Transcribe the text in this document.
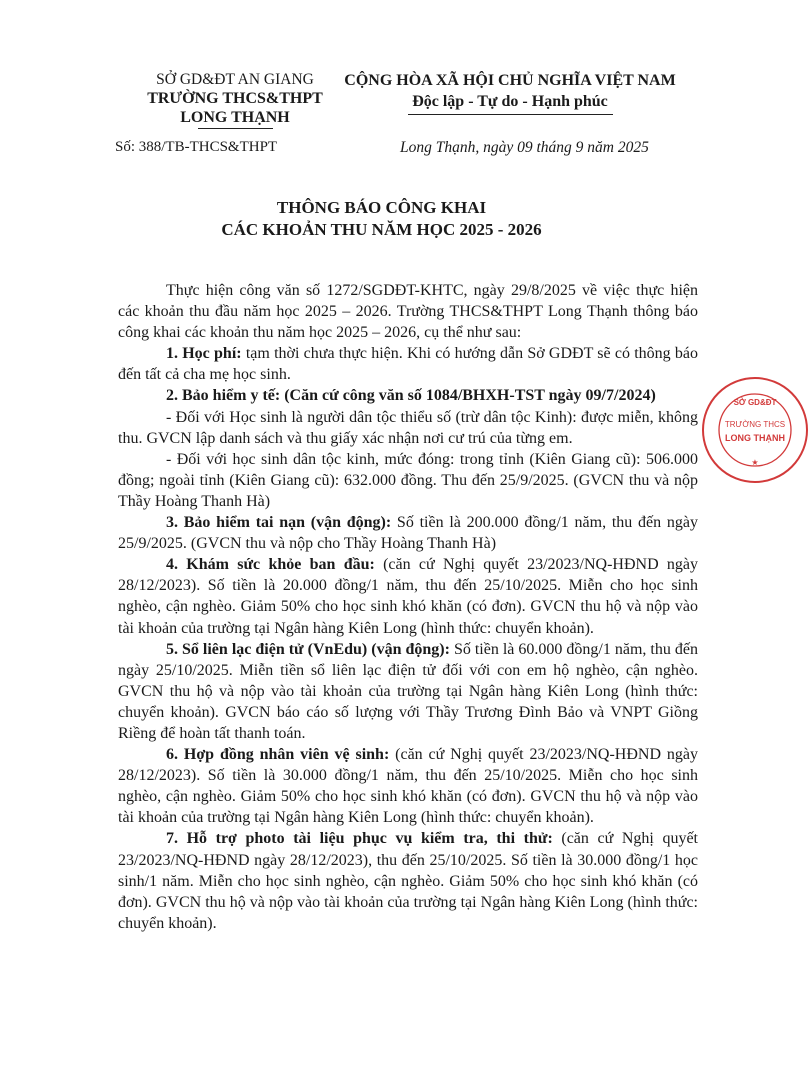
SỞ GD&ĐT AN GIANG
TRƯỜNG THCS&THPT
LONG THẠNH
CỘNG HÒA XÃ HỘI CHỦ NGHĨA VIỆT NAM
Độc lập - Tự do - Hạnh phúc
Số: 388/TB-THCS&THPT	Long Thạnh, ngày 09 tháng 9 năm 2025
THÔNG BÁO CÔNG KHAI
CÁC KHOẢN THU NĂM HỌC 2025 - 2026

Thực hiện công văn số 1272/SGDĐT-KHTC, ngày 29/8/2025 về việc thực hiện các khoản thu đầu năm học 2025 – 2026. Trường THCS&THPT Long Thạnh thông báo công khai các khoản thu năm học 2025 – 2026, cụ thể như sau:

1. Học phí: tạm thời chưa thực hiện. Khi có hướng dẫn Sở GDĐT sẽ có thông báo đến tất cả cha mẹ học sinh.

2. Bảo hiểm y tế: (Căn cứ công văn số 1084/BHXH-TST ngày 09/7/2024)

- Đối với Học sinh là người dân tộc thiểu số (trừ dân tộc Kinh): được miễn, không thu. GVCN lập danh sách và thu giấy xác nhận nơi cư trú của từng em.

- Đối với học sinh dân tộc kinh, mức đóng: trong tỉnh (Kiên Giang cũ): 506.000 đồng; ngoài tỉnh (Kiên Giang cũ): 632.000 đồng. Thu đến 25/9/2025. (GVCN thu và nộp Thầy Hoàng Thanh Hà)

3. Bảo hiểm tai nạn (vận động): Số tiền là 200.000 đồng/1 năm, thu đến ngày 25/9/2025. (GVCN thu và nộp cho Thầy Hoàng Thanh Hà)

4. Khám sức khỏe ban đầu: (căn cứ Nghị quyết 23/2023/NQ-HĐND ngày 28/12/2023). Số tiền là 20.000 đồng/1 năm, thu đến 25/10/2025. Miễn cho học sinh nghèo, cận nghèo. Giảm 50% cho học sinh khó khăn (có đơn). GVCN thu hộ và nộp vào tài khoản của trường tại Ngân hàng Kiên Long (hình thức: chuyển khoản).

5. Sổ liên lạc điện tử (VnEdu) (vận động): Số tiền là 60.000 đồng/1 năm, thu đến ngày 25/10/2025. Miễn tiền sổ liên lạc điện tử đối với con em hộ nghèo, cận nghèo. GVCN thu hộ và nộp vào tài khoản của trường tại Ngân hàng Kiên Long (hình thức: chuyển khoản). GVCN báo cáo số lượng với Thầy Trương Đình Bảo và VNPT Giồng Riềng để hoàn tất thanh toán.

6. Hợp đồng nhân viên vệ sinh: (căn cứ Nghị quyết 23/2023/NQ-HĐND ngày 28/12/2023). Số tiền là 30.000 đồng/1 năm, thu đến 25/10/2025. Miễn cho học sinh nghèo, cận nghèo. Giảm 50% cho học sinh khó khăn (có đơn). GVCN thu hộ và nộp vào tài khoản của trường tại Ngân hàng Kiên Long (hình thức: chuyển khoản).

7. Hỗ trợ photo tài liệu phục vụ kiểm tra, thi thử: (căn cứ Nghị quyết 23/2023/NQ-HĐND ngày 28/12/2023), thu đến 25/10/2025. Số tiền là 30.000 đồng/1 học sinh/1 năm. Miễn cho học sinh nghèo, cận nghèo. Giảm 50% cho học sinh khó khăn (có đơn). GVCN thu hộ và nộp vào tài khoản của trường tại Ngân hàng Kiên Long (hình thức: chuyển khoản).

SỞ GD&ĐT
TRƯỜNG THCS
LONG THẠNH
★
